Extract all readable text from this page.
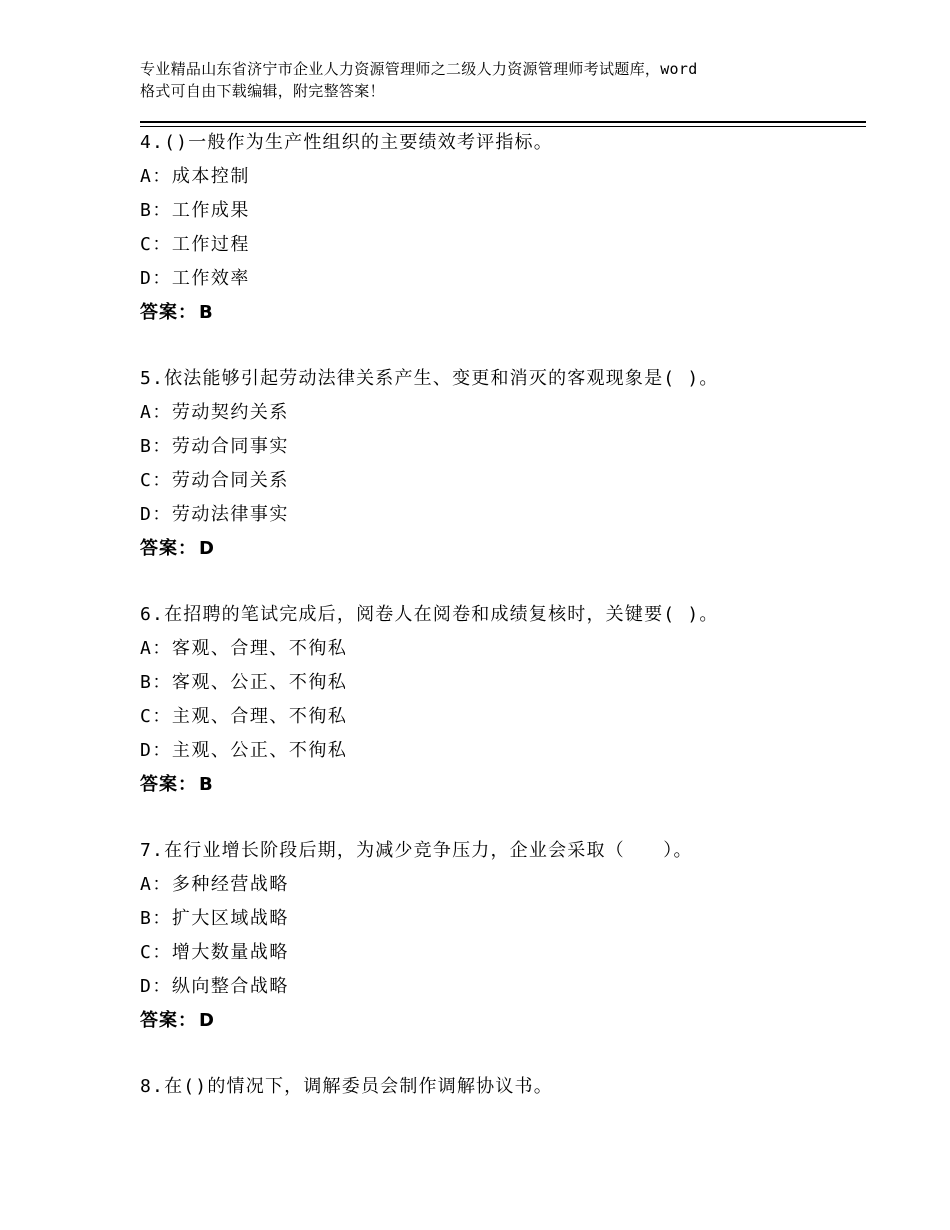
专业精品山东省济宁市企业人力资源管理师之二级人力资源管理师考试题库，word
格式可自由下载编辑，附完整答案！
4.()一般作为生产性组织的主要绩效考评指标。
A：成本控制
B：工作成果
C：工作过程
D：工作效率
答案： B
5.依法能够引起劳动法律关系产生、变更和消灭的客观现象是( )。
A：劳动契约关系
B：劳动合同事实
C：劳动合同关系
D：劳动法律事实
答案： D
6.在招聘的笔试完成后，阅卷人在阅卷和成绩复核时，关键要( )。
A：客观、合理、不徇私
B：客观、公正、不徇私
C：主观、合理、不徇私
D：主观、公正、不徇私
答案： B
7.在行业增长阶段后期，为减少竞争压力，企业会采取（　　）。
A：多种经营战略
B：扩大区域战略
C：增大数量战略
D：纵向整合战略
答案： D
8.在()的情况下，调解委员会制作调解协议书。
